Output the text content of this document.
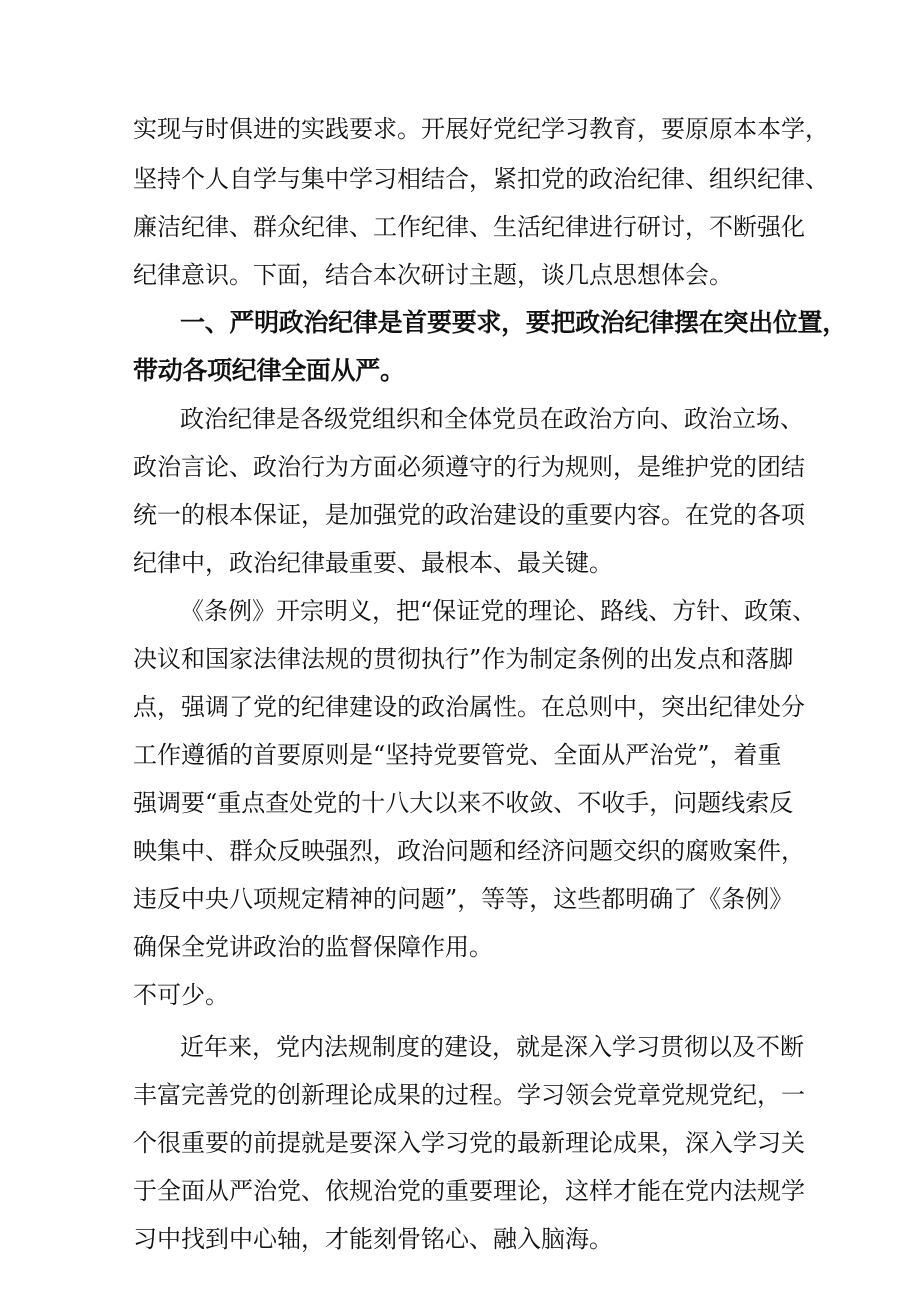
实现与时俱进的实践要求。开展好党纪学习教育，要原原本本学，
坚持个人自学与集中学习相结合，紧扣党的政治纪律、组织纪律、
廉洁纪律、群众纪律、工作纪律、生活纪律进行研讨，不断强化
纪律意识。下面，结合本次研讨主题，谈几点思想体会。
一、严明政治纪律是首要要求，要把政治纪律摆在突出位置，
带动各项纪律全面从严。
政治纪律是各级党组织和全体党员在政治方向、政治立场、
政治言论、政治行为方面必须遵守的行为规则，是维护党的团结
统一的根本保证，是加强党的政治建设的重要内容。在党的各项
纪律中，政治纪律最重要、最根本、最关键。
《条例》开宗明义，把“保证党的理论、路线、方针、政策、
决议和国家法律法规的贯彻执行”作为制定条例的出发点和落脚
点，强调了党的纪律建设的政治属性。在总则中，突出纪律处分
工作遵循的首要原则是“坚持党要管党、全面从严治党”，着重
强调要“重点查处党的十八大以来不收敛、不收手，问题线索反
映集中、群众反映强烈，政治问题和经济问题交织的腐败案件，
违反中央八项规定精神的问题”，等等，这些都明确了《条例》
确保全党讲政治的监督保障作用。
不可少。
近年来，党内法规制度的建设，就是深入学习贯彻以及不断
丰富完善党的创新理论成果的过程。学习领会党章党规党纪，一
个很重要的前提就是要深入学习党的最新理论成果，深入学习关
于全面从严治党、依规治党的重要理论，这样才能在党内法规学
习中找到中心轴，才能刻骨铭心、融入脑海。
